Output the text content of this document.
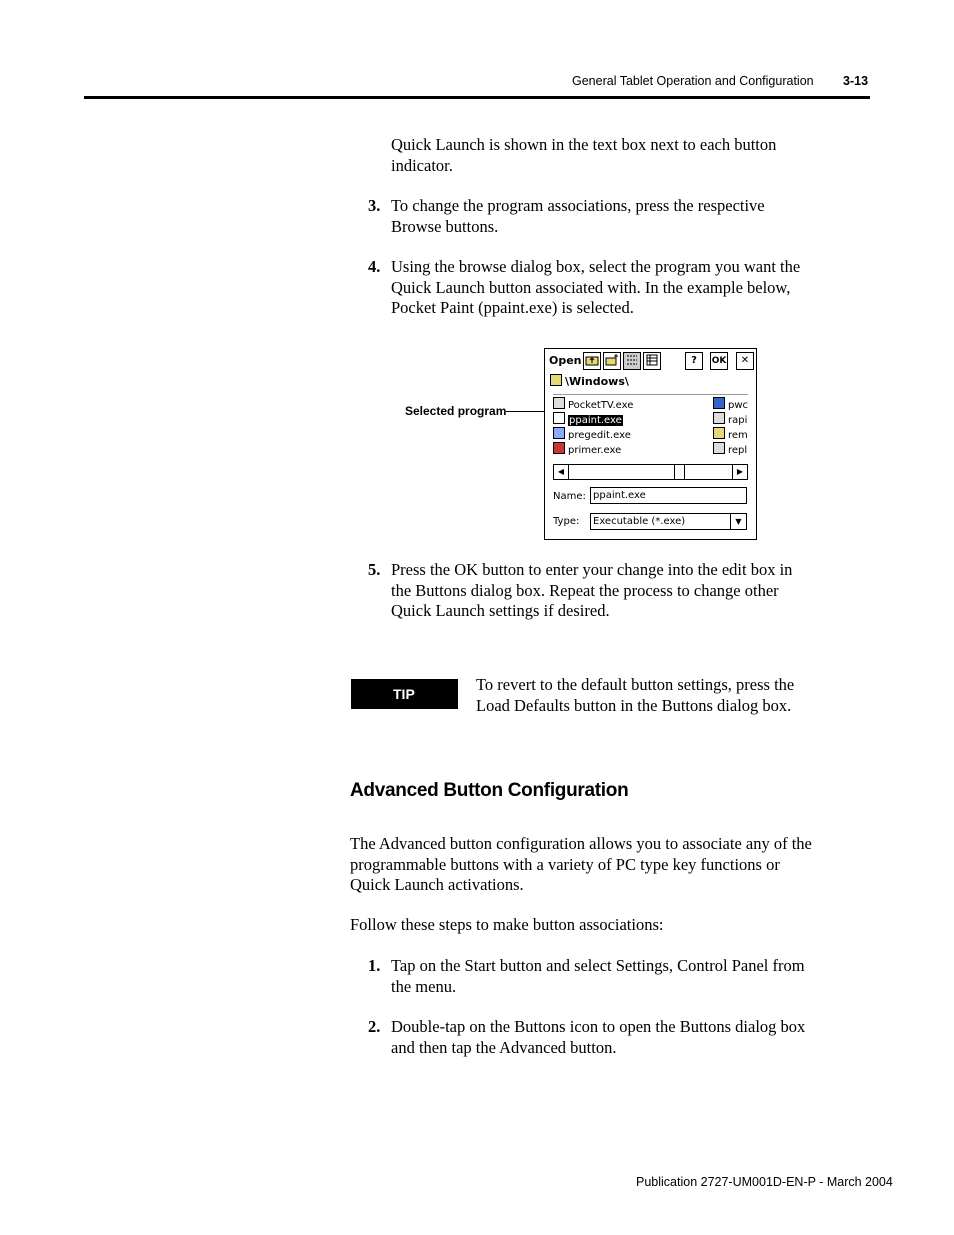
General Tablet Operation and Configuration 3-13
Quick Launch is shown in the text box next to each button
indicator.
3. To change the program associations, press the respective
Browse buttons.
4. Using the browse dialog box, select the program you want the
Quick Launch button associated with. In the example below,
Pocket Paint (ppaint.exe) is selected.
Selected program
Open	?	OK	✕
\Windows\
PocketTV.exe
ppaint.exe
pregedit.exe
primer.exe
pwc
rapi
rem
repl
◀	▶
Name: ppaint.exe
Type: Executable (*.exe)	▼
5. Press the OK button to enter your change into the edit box in
the Buttons dialog box. Repeat the process to change other
Quick Launch settings if desired.
TIP	To revert to the default button settings, press the
Load Defaults button in the Buttons dialog box.
Advanced Button Configuration
The Advanced button configuration allows you to associate any of the
programmable buttons with a variety of PC type key functions or
Quick Launch activations.
Follow these steps to make button associations:
1. Tap on the Start button and select Settings, Control Panel from
the menu.
2. Double-tap on the Buttons icon to open the Buttons dialog box
and then tap the Advanced button.
Publication 2727-UM001D-EN-P - March 2004
